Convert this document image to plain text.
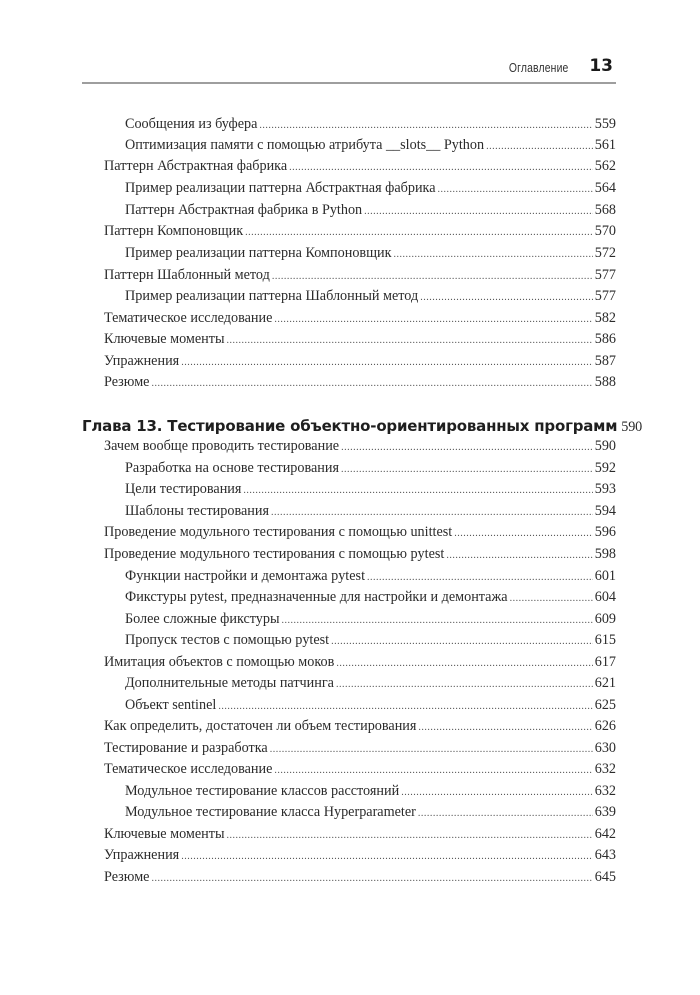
Оглавление 13
Сообщения из буфера .....	559
Оптимизация памяти с помощью атрибута __slots__ Python .....	561
Паттерн Абстрактная фабрика .....	562
Пример реализации паттерна Абстрактная фабрика .....	564
Паттерн Абстрактная фабрика в Python .....	568
Паттерн Компоновщик .....	570
Пример реализации паттерна Компоновщик .....	572
Паттерн Шаблонный метод .....	577
Пример реализации паттерна Шаблонный метод .....	577
Тематическое исследование .....	582
Ключевые моменты .....	586
Упражнения .....	587
Резюме .....	588
Глава 13. Тестирование объектно-ориентированных программ 590
Зачем вообще проводить тестирование .....	590
Разработка на основе тестирования .....	592
Цели тестирования .....	593
Шаблоны тестирования .....	594
Проведение модульного тестирования с помощью unittest .....	596
Проведение модульного тестирования с помощью pytest .....	598
Функции настройки и демонтажа pytest .....	601
Фикстуры pytest, предназначенные для настройки и демонтажа .....	604
Более сложные фикстуры .....	609
Пропуск тестов с помощью pytest .....	615
Имитация объектов с помощью моков .....	617
Дополнительные методы патчинга .....	621
Объект sentinel .....	625
Как определить, достаточен ли объем тестирования .....	626
Тестирование и разработка .....	630
Тематическое исследование .....	632
Модульное тестирование классов расстояний .....	632
Модульное тестирование класса Hyperparameter .....	639
Ключевые моменты .....	642
Упражнения .....	643
Резюме .....	645
